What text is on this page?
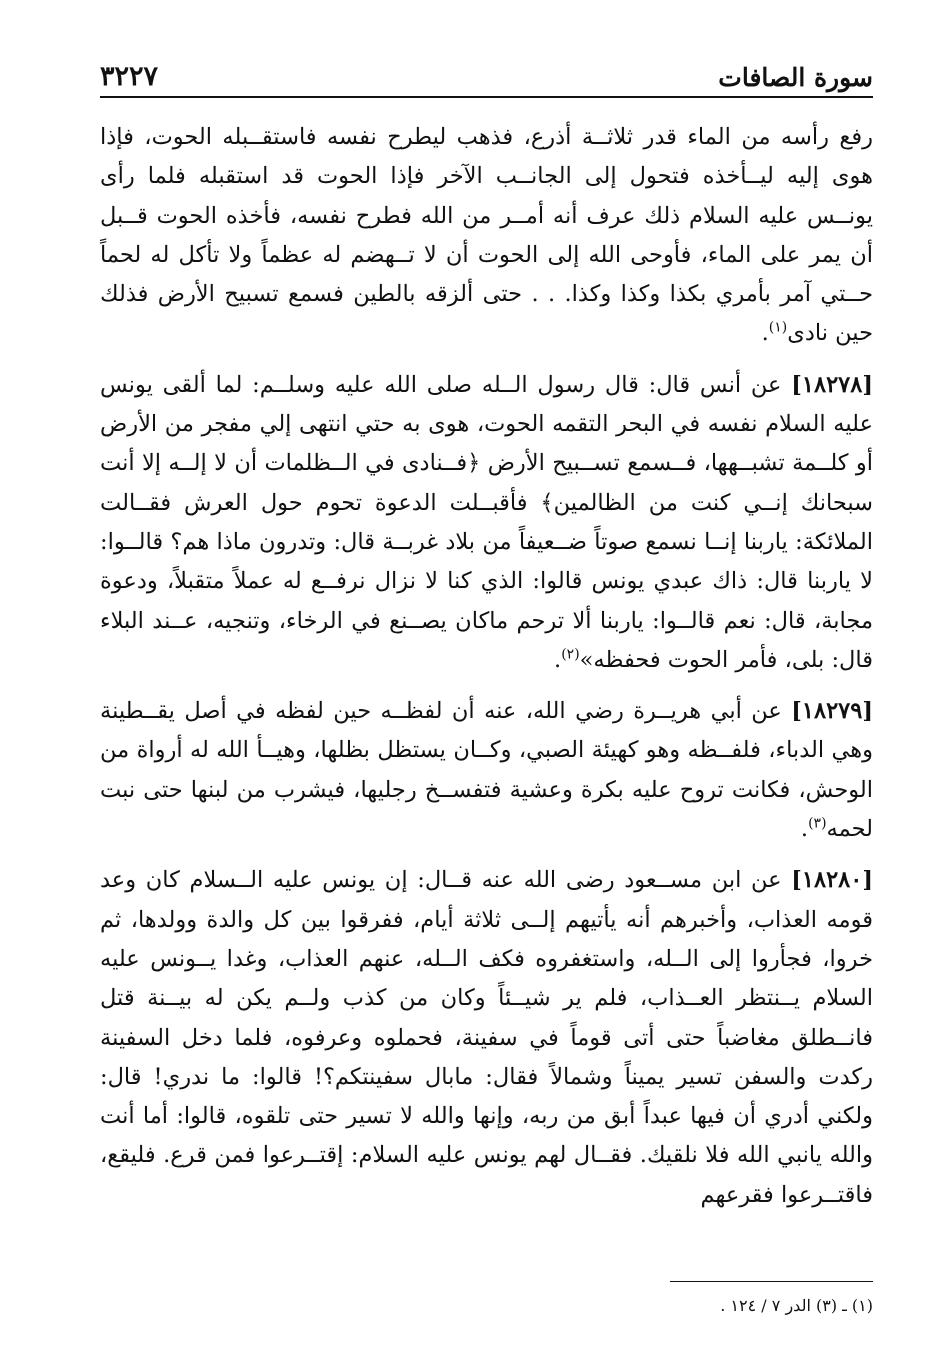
سورة الصافات
٣٢٢٧

رفع رأسه من الماء قدر ثلاثــة أذرع، فذهب ليطرح نفسه فاستقــبله الحوت، فإذا هوى إليه ليــأخذه فتحول إلى الجانــب الآخر فإذا الحوت قد استقبله فلما رأى يونــس عليه السلام ذلك عرف أنه أمــر من الله فطرح نفسه، فأخذه الحوت قــبل أن يمر على الماء، فأوحى الله إلى الحوت أن لا تــهضم له عظماً ولا تأكل له لحماً حــتي آمر بأمري بكذا وكذا وكذا. . . حتى ألزقه بالطين فسمع تسبيح الأرض فذلك حين نادى$^{(١)}$.

[١٨٢٧٨] عن أنس قال: قال رسول الــله صلى الله عليه وسلــم: لما ألقى يونس عليه السلام نفسه في البحر التقمه الحوت، هوى به حتي انتهى إلي مفجر من الأرض أو كلــمة تشبــهها، فــسمع تســبيح الأرض ﴿فــنادى في الــظلمات أن لا إلــه إلا أنت سبحانك إنــي كنت من الظالمين﴾ فأقبــلت الدعوة تحوم حول العرش فقــالت الملائكة: ياربنا إنــا نسمع صوتاً ضــعيفاً من بلاد غربــة قال: وتدرون ماذا هم؟ قالــوا: لا ياربنا قال: ذاك عبدي يونس قالوا: الذي كنا لا نزال نرفــع له عملاً متقبلاً، ودعوة مجابة، قال: نعم قالــوا: ياربنا ألا ترحم ماكان يصــنع في الرخاء، وتنجيه، عــند البلاء قال: بلى، فأمر الحوت فحفظه»$^{(٢)}$.

[١٨٢٧٩] عن أبي هريــرة رضي الله، عنه أن لفظــه حين لفظه في أصل يقــطينة وهي الدباء، فلفــظه وهو كهيئة الصبي، وكــان يستظل بظلها، وهيــأ الله له أرواة من الوحش، فكانت تروح عليه بكرة وعشية فتفســخ رجليها، فيشرب من لبنها حتى نبت لحمه$^{(٣)}$.

[١٨٢٨٠] عن ابن مســعود رضى الله عنه قــال: إن يونس عليه الــسلام كان وعد قومه العذاب، وأخبرهم أنه يأتيهم إلــى ثلاثة أيام، ففرقوا بين كل والدة وولدها، ثم خروا، فجأروا إلى الــله، واستغفروه فكف الــله، عنهم العذاب، وغدا يــونس عليه السلام يــنتظر العــذاب، فلم ير شيــئاً وكان من كذب ولــم يكن له بيــنة قتل فانــطلق مغاضباً حتى أتى قوماً في سفينة، فحملوه وعرفوه، فلما دخل السفينة ركدت والسفن تسير يميناً وشمالاً فقال: مابال سفينتكم؟! قالوا: ما ندري! قال: ولكني أدري أن فيها عبداً أبق من ربه، وإنها والله لا تسير حتى تلقوه، قالوا: أما أنت والله يانبي الله فلا نلقيك. فقــال لهم يونس عليه السلام: إقتــرعوا فمن قرع. فليقع، فاقتــرعوا فقرعهم

(١) ـ (٣) الدر ٧ / ١٢٤ .
